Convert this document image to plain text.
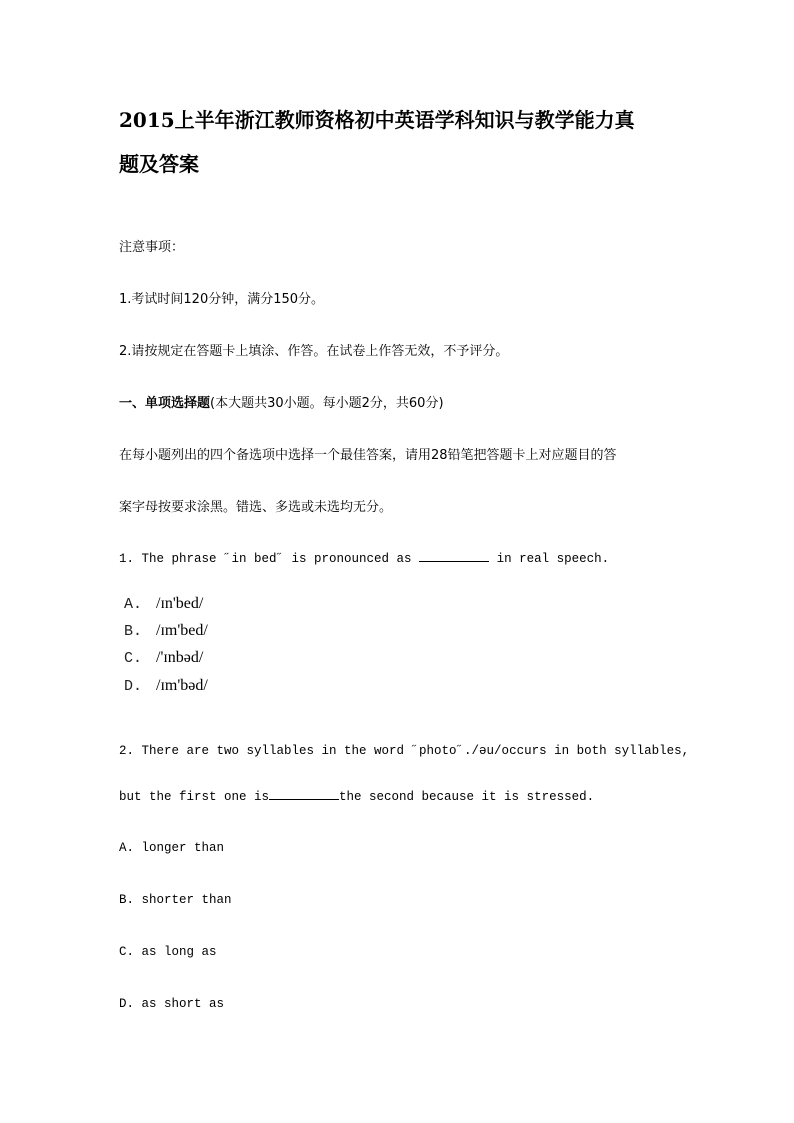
2015上半年浙江教师资格初中英语学科知识与教学能力真
题及答案
注意事项：
1.考试时间120分钟，满分150分。
2.请按规定在答题卡上填涂、作答。在试卷上作答无效，不予评分。
一、单项选择题(本大题共30小题。每小题2分，共60分)
在每小题列出的四个备选项中选择一个最佳答案，请用28铅笔把答题卡上对应题目的答
案字母按要求涂黑。错选、多选或未选均无分。
1. The phrase ˝in bed˝ is pronounced as	in real speech.
A. /ɪn'bed/
B. /ɪm'bed/
C. /'ɪnbəd/
D. /ɪm'bəd/
2. There are two syllables in the word ˝photo˝./əu/occurs in both syllables,
but the first one is	the second because it is stressed.
A. longer than
B. shorter than
C. as long as
D. as short as
